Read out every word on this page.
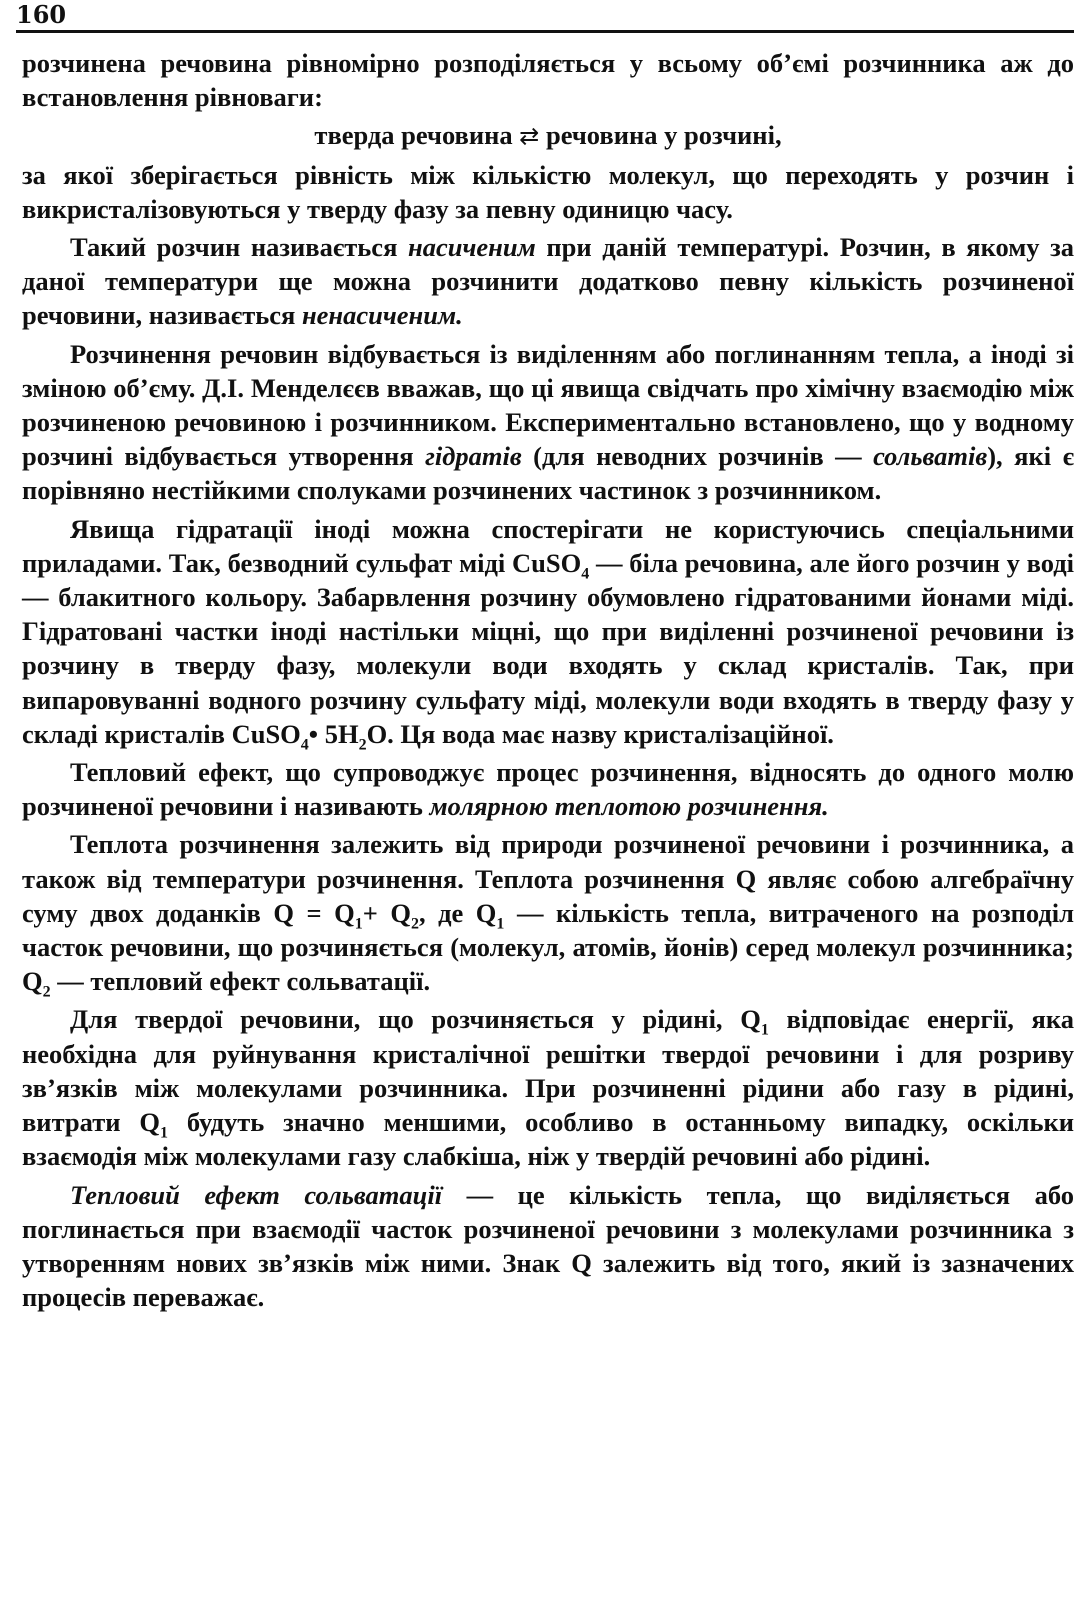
160

розчинена речовина рівномірно розподіляється у всьому об’ємі розчинника аж до встановлення рівноваги:

тверда речовина ⇄ речовина у розчині,

за якої зберігається рівність між кількістю молекул, що переходять у розчин і викристалізовуються у тверду фазу за певну одиницю часу.

Такий розчин називається насиченим при даній температурі. Розчин, в якому за даної температури ще можна розчинити додатково певну кількість розчиненої речовини, називається ненасиченим.

Розчинення речовин відбувається із виділенням або поглинанням тепла, а іноді зі зміною об’єму. Д.І. Менделєєв вважав, що ці явища свідчать про хімічну взаємодію між розчиненою речовиною і розчинником. Експериментально встановлено, що у водному розчині відбувається утворення гідратів (для неводних розчинів — сольватів), які є порівняно нестійкими сполуками розчинених частинок з розчинником.

Явища гідратації іноді можна спостерігати не користуючись спеціальними приладами. Так, безводний сульфат міді CuSO$_4$ — біла речовина, але його розчин у воді — блакитного кольору. Забарвлення розчину обумовлено гідратованими йонами міді. Гідратовані частки іноді настільки міцні, що при виділенні розчиненої речовини із розчину в тверду фазу, молекули води входять у склад кристалів. Так, при випаровуванні водного розчину сульфату міді, молекули води входять в тверду фазу у складі кристалів CuSO$_4$• $5H_2O$. Ця вода має назву кристалізаційної.

Тепловий ефект, що супроводжує процес розчинення, відносять до одного молю розчиненої речовини і називають молярною теплотою розчинення.

Теплота розчинення залежить від природи розчиненої речовини і розчинника, а також від температури розчинення. Теплота розчинення Q являє собою алгебраїчну суму двох доданків $Q = Q_1+ Q_2$, де $Q_1$ — кількість тепла, витраченого на розподіл часток речовини, що розчиняється (молекул, атомів, йонів) серед молекул розчинника; $Q_2$ — тепловий ефект сольватації.

Для твердої речовини, що розчиняється у рідині, $Q_1$ відповідає енергії, яка необхідна для руйнування кристалічної решітки твердої речовини і для розриву зв’язків між молекулами розчинника. При розчиненні рідини або газу в рідині, витрати $Q_1$ будуть значно меншими, особливо в останньому випадку, оскільки взаємодія між молекулами газу слабкіша, ніж у твердій речовині або рідині.

Тепловий ефект сольватації — це кількість тепла, що виділяється або поглинається при взаємодії часток розчиненої речовини з молекулами розчинника з утворенням нових зв’язків між ними. Знак Q залежить від того, який із зазначених процесів переважає.
